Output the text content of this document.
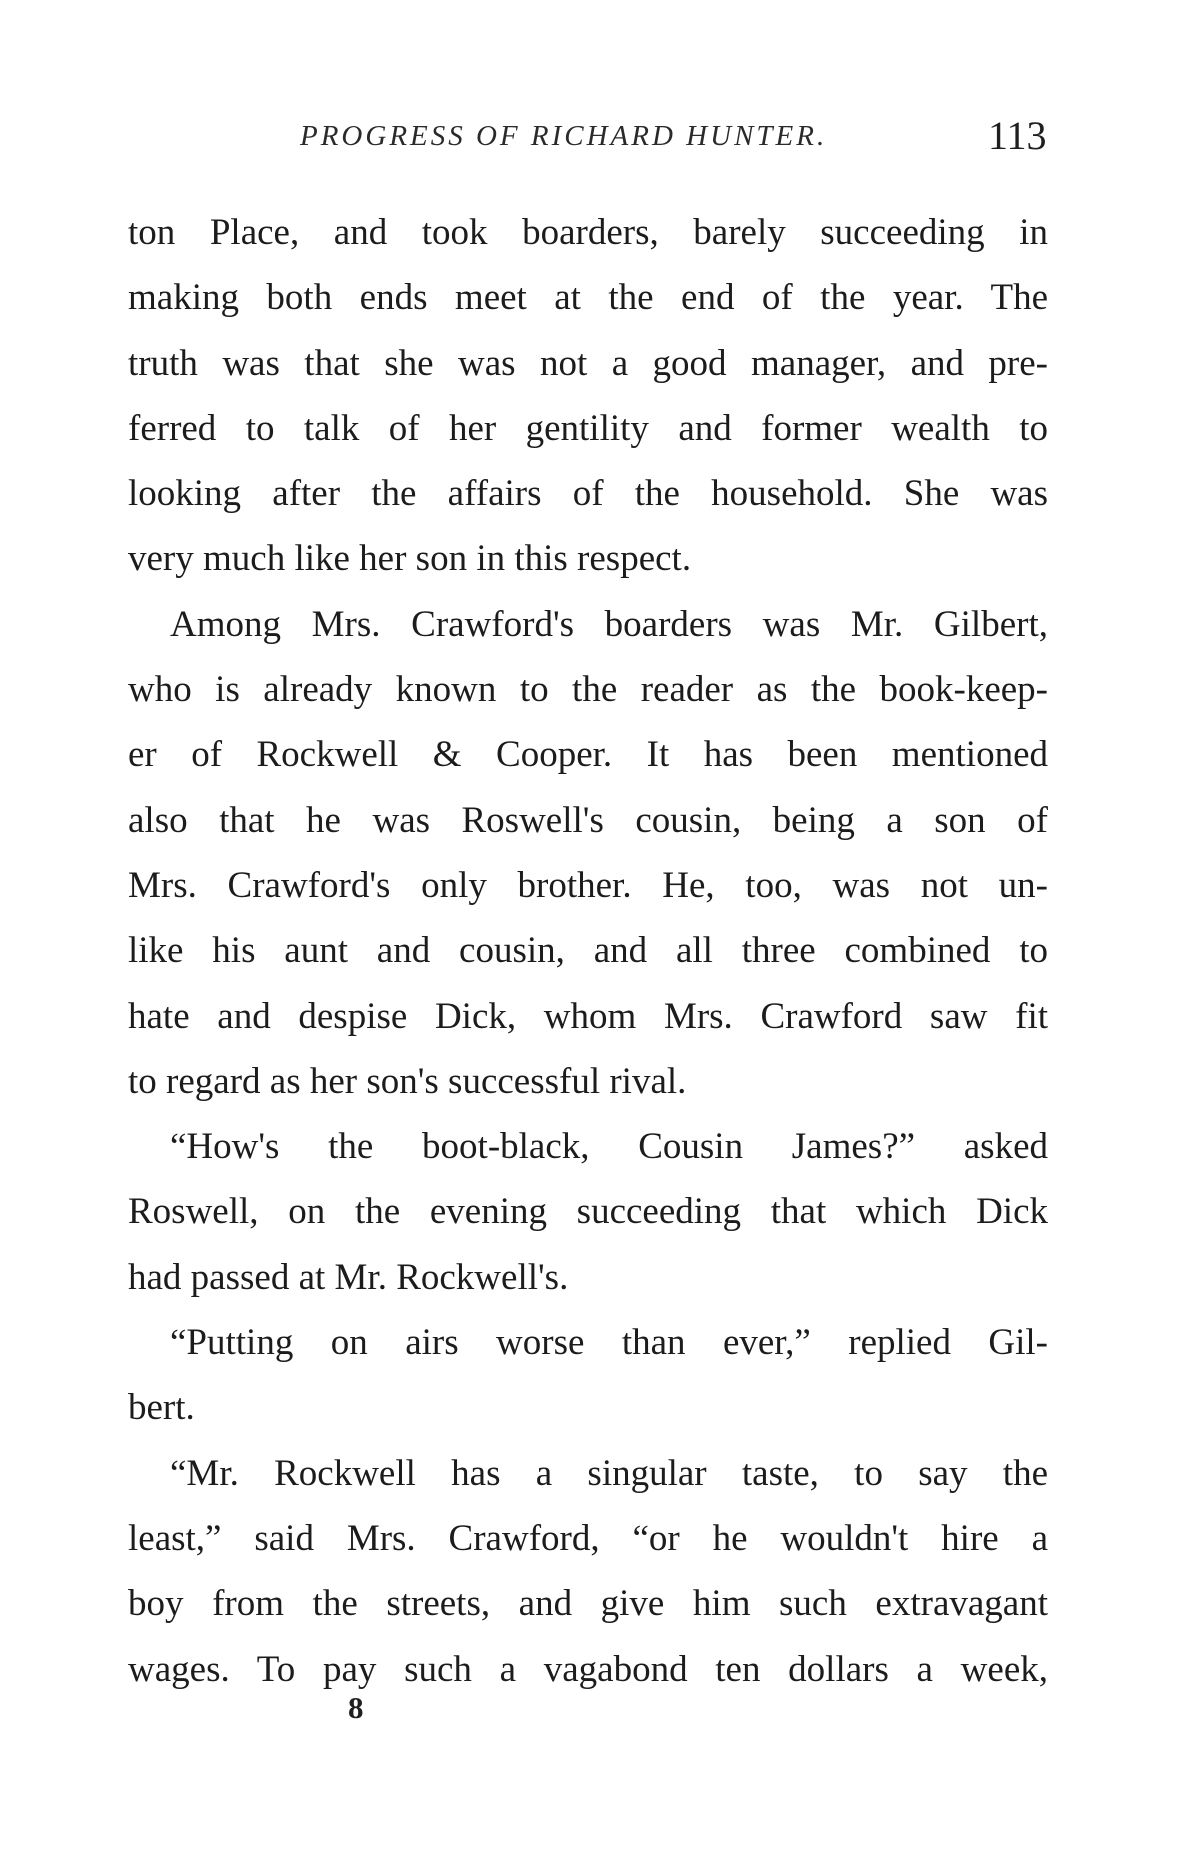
PROGRESS OF RICHARD HUNTER.	113
ton Place, and took boarders, barely succeeding in
making both ends meet at the end of the year. The
truth was that she was not a good manager, and pre-
ferred to talk of her gentility and former wealth to
looking after the affairs of the household. She was
very much like her son in this respect.
Among Mrs. Crawford's boarders was Mr. Gilbert,
who is already known to the reader as the book-keep-
er of Rockwell & Cooper. It has been mentioned
also that he was Roswell's cousin, being a son of
Mrs. Crawford's only brother. He, too, was not un-
like his aunt and cousin, and all three combined to
hate and despise Dick, whom Mrs. Crawford saw fit
to regard as her son's successful rival.
“How's the boot-black, Cousin James?” asked
Roswell, on the evening succeeding that which Dick
had passed at Mr. Rockwell's.
“Putting on airs worse than ever,” replied Gil-
bert.
“Mr. Rockwell has a singular taste, to say the
least,” said Mrs. Crawford, “or he wouldn't hire a
boy from the streets, and give him such extravagant
wages. To pay such a vagabond ten dollars a week,
8
